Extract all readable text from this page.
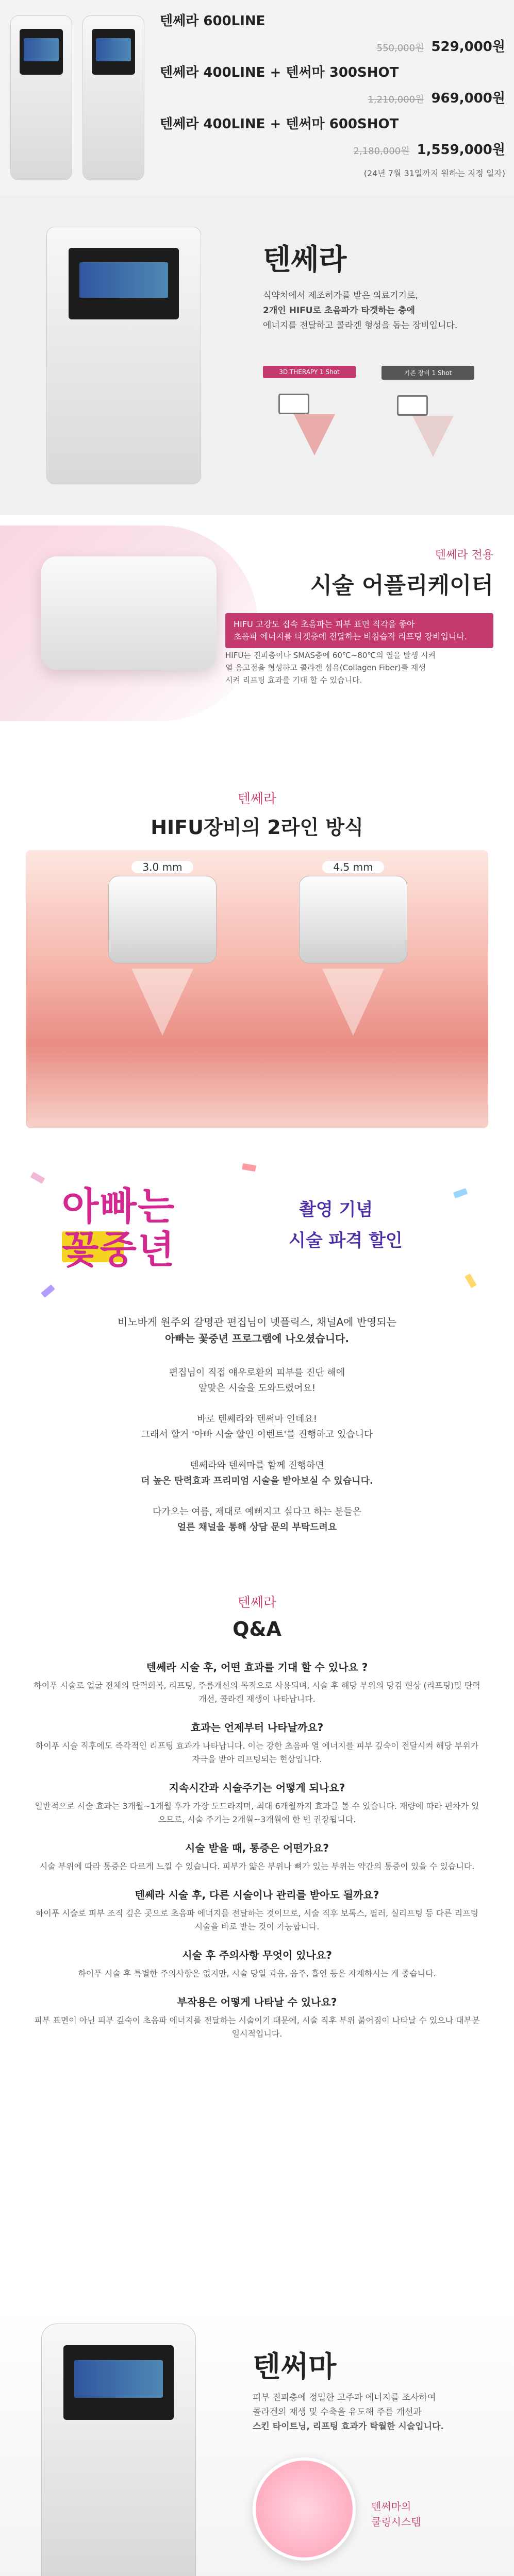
텐쎄라 600LINE
550,000원 529,000원
텐쎄라 400LINE + 텐써마 300SHOT
1,210,000원 969,000원
텐쎄라 400LINE + 텐써마 600SHOT
2,180,000원 1,559,000원
(24년 7월 31일까지 원하는 지정 일자)
텐쎄라
식약처에서 제조허가를 받은 의료기기로,
2개인 HIFU로 초음파가 타겟하는 층에
에너지를 전달하고 콜라겐 형성을 돕는 장비입니다.
3D THERAPY 1 Shot	기존 장비 1 Shot
텐쎄라 전용
시술 어플리케이터
HIFU 고강도 집속 초음파는 피부 표면 직각을 좋아
초음파 에너지를 타겟층에 전달하는 비침습적 리프팅 장비입니다.
HIFU는 진피층이나 SMAS층에 60℃~80℃의 열을 발생 시켜
열 응고점을 형성하고 콜라겐 섬유(Collagen Fiber)를 재생
시켜 리프팅 효과를 기대 할 수 있습니다.
텐쎄라
HIFU장비의 2라인 방식
3.0 mm	4.5 mm
아빠는
꽃중년
촬영 기념
시술 파격 할인
비노바게 원주외 갈명관 편집님이 넷플릭스, 채널A에 반영되는
아빠는 꽃중년 프로그램에 나오셨습니다.
편집님이 직접 얘우로환의 피부를 진단 해에
알맞은 시술을 도와드렸어요!
바로 텐쎄라와 텐써마 인데요!
그래서 할거 '아빠 시술 할인 이벤트'를 진행하고 있습니다
텐쎄라와 텐써마를 함께 진행하면
더 높은 탄력효과 프리미엄 시술을 받아보실 수 있습니다.
다가오는 여름, 제대로 예뻐지고 싶다고 하는 분들은
얼른 채널을 통해 상담 문의 부탁드려요
텐쎄라
Q&A
텐쎄라 시술 후, 어떤 효과를 기대 할 수 있나요 ?
하이푸 시술로 얼굴 전체의 탄력회복, 리프팅, 주름개선의 목적으로 사용되며, 시술 후 해당 부위의 당김 현상 (리프팅)및 탄력개선, 콜라겐 재생이 나타납니다.
효과는 언제부터 나타날까요?
하이푸 시술 직후에도 즉각적인 리프팅 효과가 나타납니다. 이는 강한 초음파 열 에너지를 피부 깊숙이 전달시켜 해당 부위가 자극을 받아 리프팅되는 현상입니다.
지속시간과 시술주기는 어떻게 되나요?
일반적으로 시술 효과는 3개월~1개월 후가 가장 도드라지며, 최대 6개월까지 효과를 볼 수 있습니다. 재량에 따라 편차가 있으므로, 시술 주기는 2개월~3개월에 한 번 권장됩니다.
시술 받을 때, 통증은 어떤가요?
시술 부위에 따라 통증은 다르게 느낄 수 있습니다. 피부가 얇은 부위나 뼈가 있는 부위는 약간의 통증이 있을 수 있습니다.
텐쎄라 시술 후, 다른 시술이나 관리를 받아도 될까요?
하이푸 시술로 피부 조직 깊은 곳으로 초음파 에너지를 전달하는 것이므로, 시술 직후 보톡스, 필러, 실리프팅 등 다른 리프팅 시술을 바로 받는 것이 가능합니다.
시술 후 주의사항 무엇이 있나요?
하이푸 시술 후 특별한 주의사항은 없지만, 시술 당일 과음, 음주, 흡연 등은 자제하시는 게 좋습니다.
부작용은 어떻게 나타날 수 있나요?
피부 표면이 아닌 피부 깊숙이 초음파 에너지를 전달하는 시술이기 때문에, 시술 직후 부위 붉어짐이 나타날 수 있으나 대부분 일시적입니다.
텐써마
피부 진피층에 정밀한 고주파 에너지를 조사하여
콜라겐의 재생 및 수축을 유도해 주름 개선과
스킨 타이트닝, 리프팅 효과가 탁월한 시술입니다.
텐써마의
쿨링시스템
